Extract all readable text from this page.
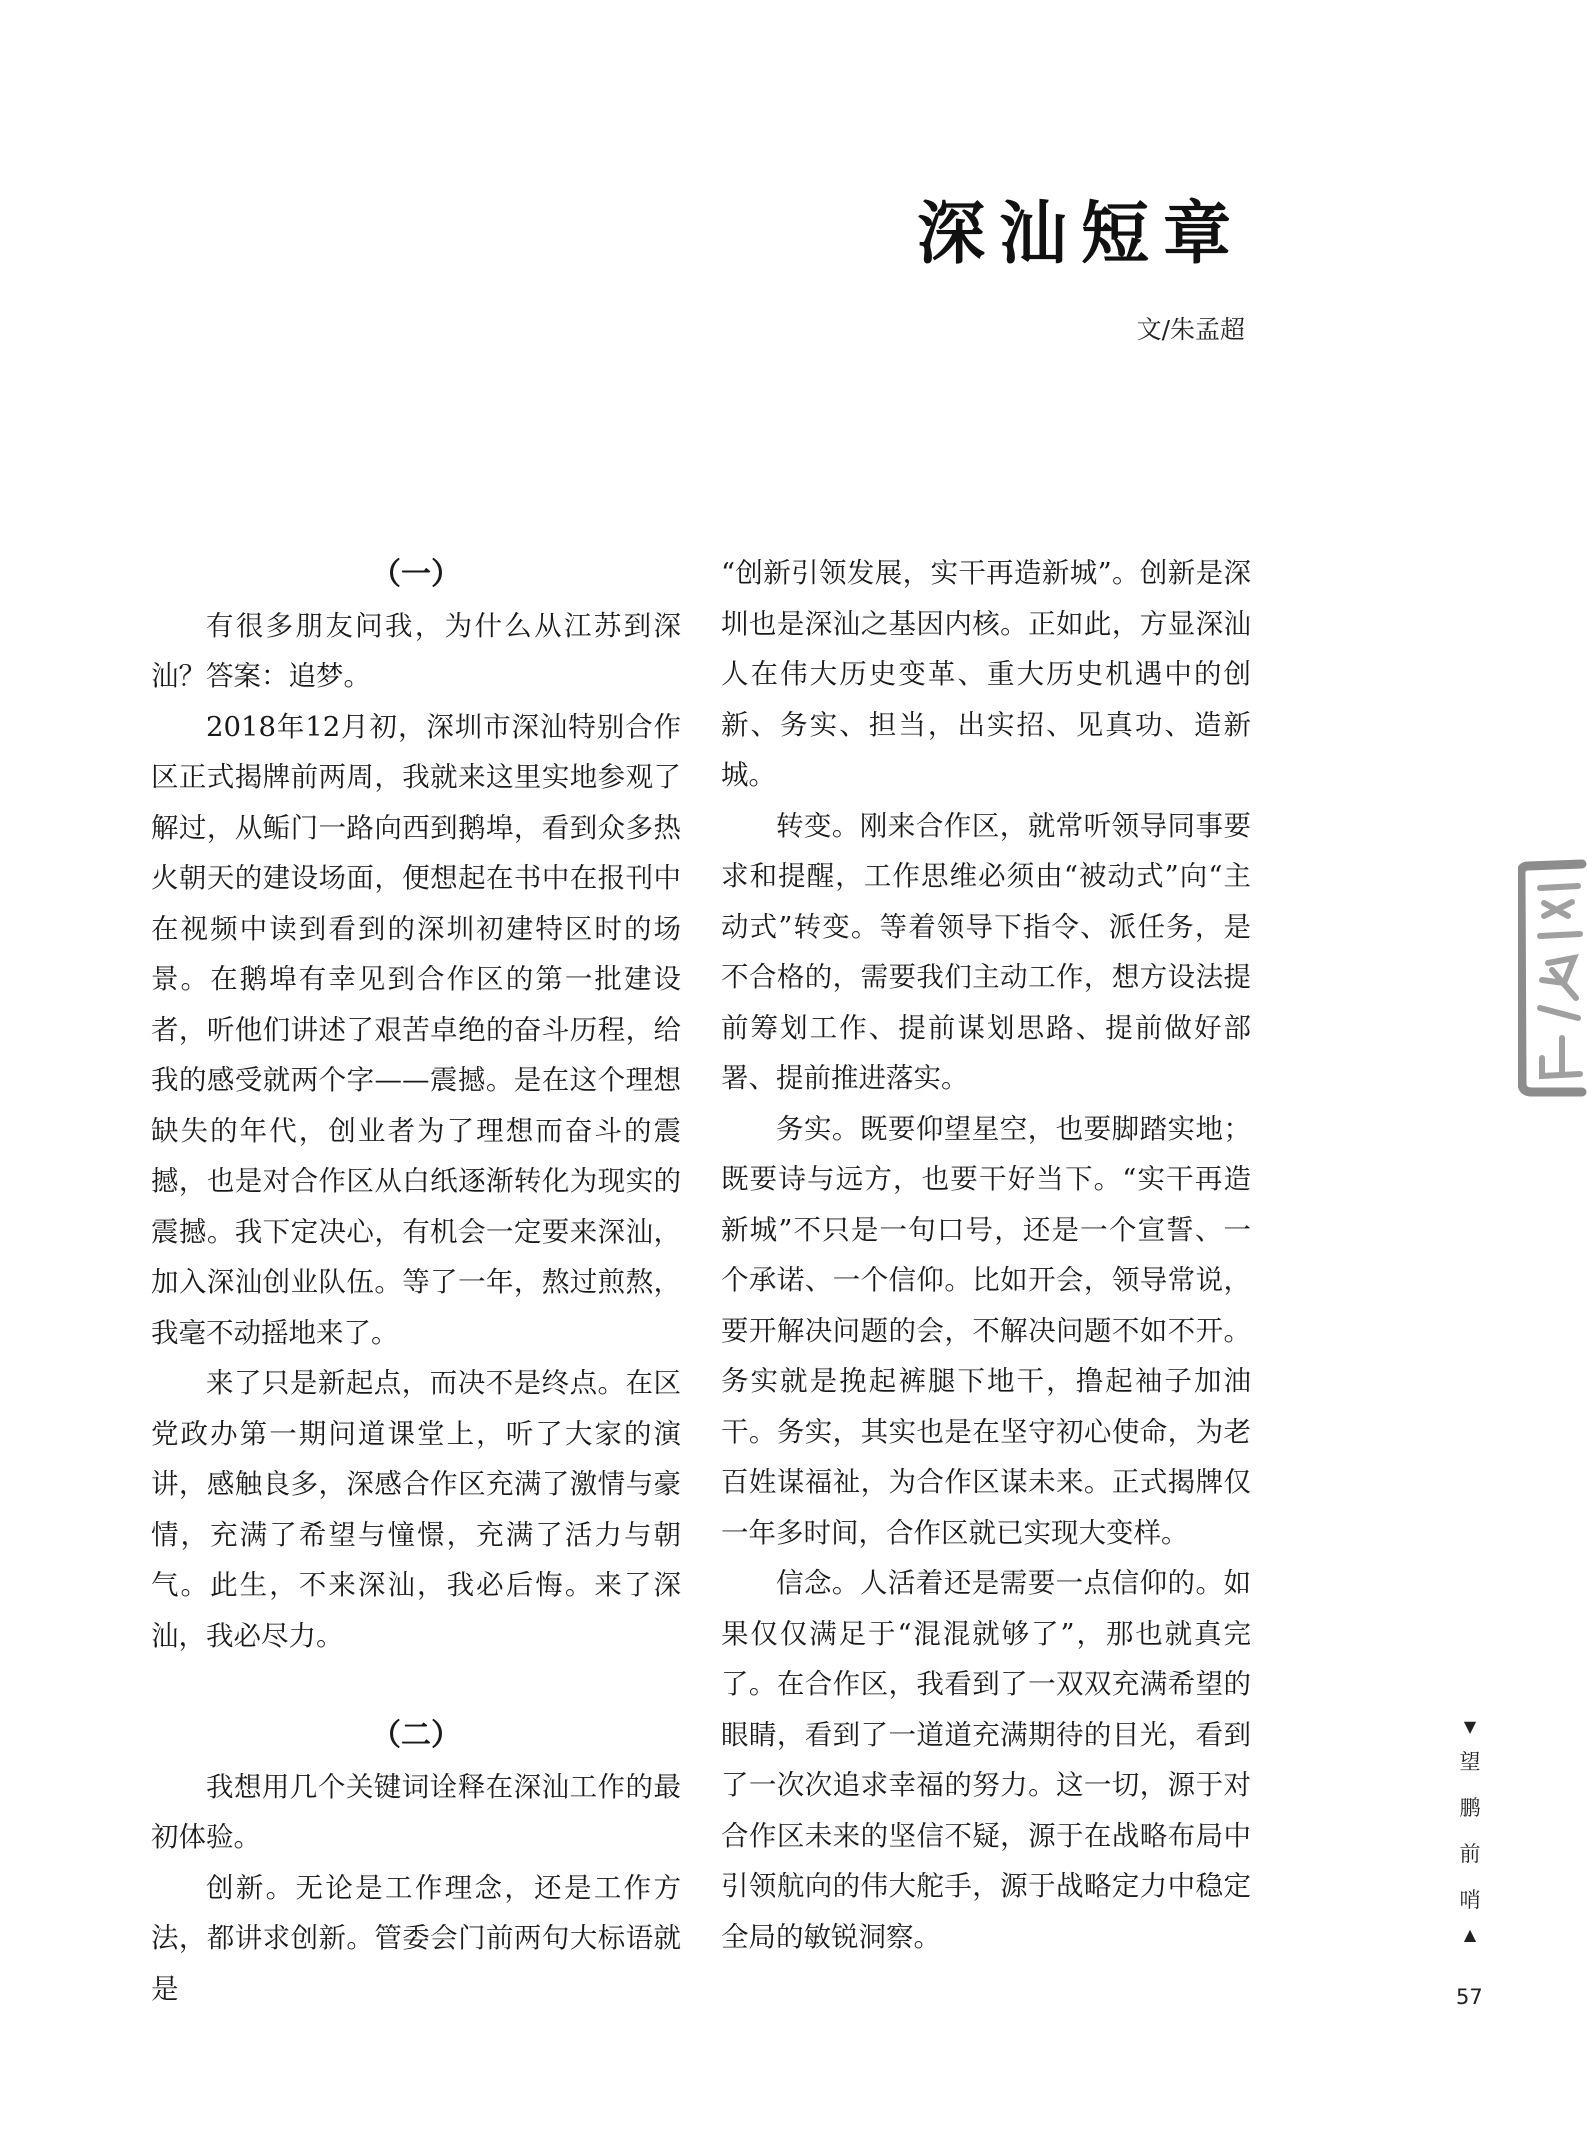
深汕短章
文/朱孟超
（一）

有很多朋友问我，为什么从江苏到深汕？答案：追梦。

2018年12月初，深圳市深汕特别合作区正式揭牌前两周，我就来这里实地参观了解过，从鲘门一路向西到鹅埠，看到众多热火朝天的建设场面，便想起在书中在报刊中在视频中读到看到的深圳初建特区时的场景。在鹅埠有幸见到合作区的第一批建设者，听他们讲述了艰苦卓绝的奋斗历程，给我的感受就两个字——震撼。是在这个理想缺失的年代，创业者为了理想而奋斗的震撼，也是对合作区从白纸逐渐转化为现实的震撼。我下定决心，有机会一定要来深汕，加入深汕创业队伍。等了一年，熬过煎熬，我毫不动摇地来了。

来了只是新起点，而决不是终点。在区党政办第一期问道课堂上，听了大家的演讲，感触良多，深感合作区充满了激情与豪情，充满了希望与憧憬，充满了活力与朝气。此生，不来深汕，我必后悔。来了深汕，我必尽力。

（二）

我想用几个关键词诠释在深汕工作的最初体验。

创新。无论是工作理念，还是工作方法，都讲求创新。管委会门前两句大标语就是

“创新引领发展，实干再造新城”。创新是深圳也是深汕之基因内核。正如此，方显深汕人在伟大历史变革、重大历史机遇中的创新、务实、担当，出实招、见真功、造新城。

转变。刚来合作区，就常听领导同事要求和提醒，工作思维必须由“被动式”向“主动式”转变。等着领导下指令、派任务，是不合格的，需要我们主动工作，想方设法提前筹划工作、提前谋划思路、提前做好部署、提前推进落实。

务实。既要仰望星空，也要脚踏实地；既要诗与远方，也要干好当下。“实干再造新城”不只是一句口号，还是一个宣誓、一个承诺、一个信仰。比如开会，领导常说，要开解决问题的会，不解决问题不如不开。务实就是挽起裤腿下地干，撸起袖子加油干。务实，其实也是在坚守初心使命，为老百姓谋福祉，为合作区谋未来。正式揭牌仅一年多时间，合作区就已实现大变样。

信念。人活着还是需要一点信仰的。如果仅仅满足于“混混就够了”，那也就真完了。在合作区，我看到了一双双充满希望的眼睛，看到了一道道充满期待的目光，看到了一次次追求幸福的努力。这一切，源于对合作区未来的坚信不疑，源于在战略布局中引领航向的伟大舵手，源于战略定力中稳定全局的敏锐洞察。

▼
望
鹏
前
哨
▲
57
